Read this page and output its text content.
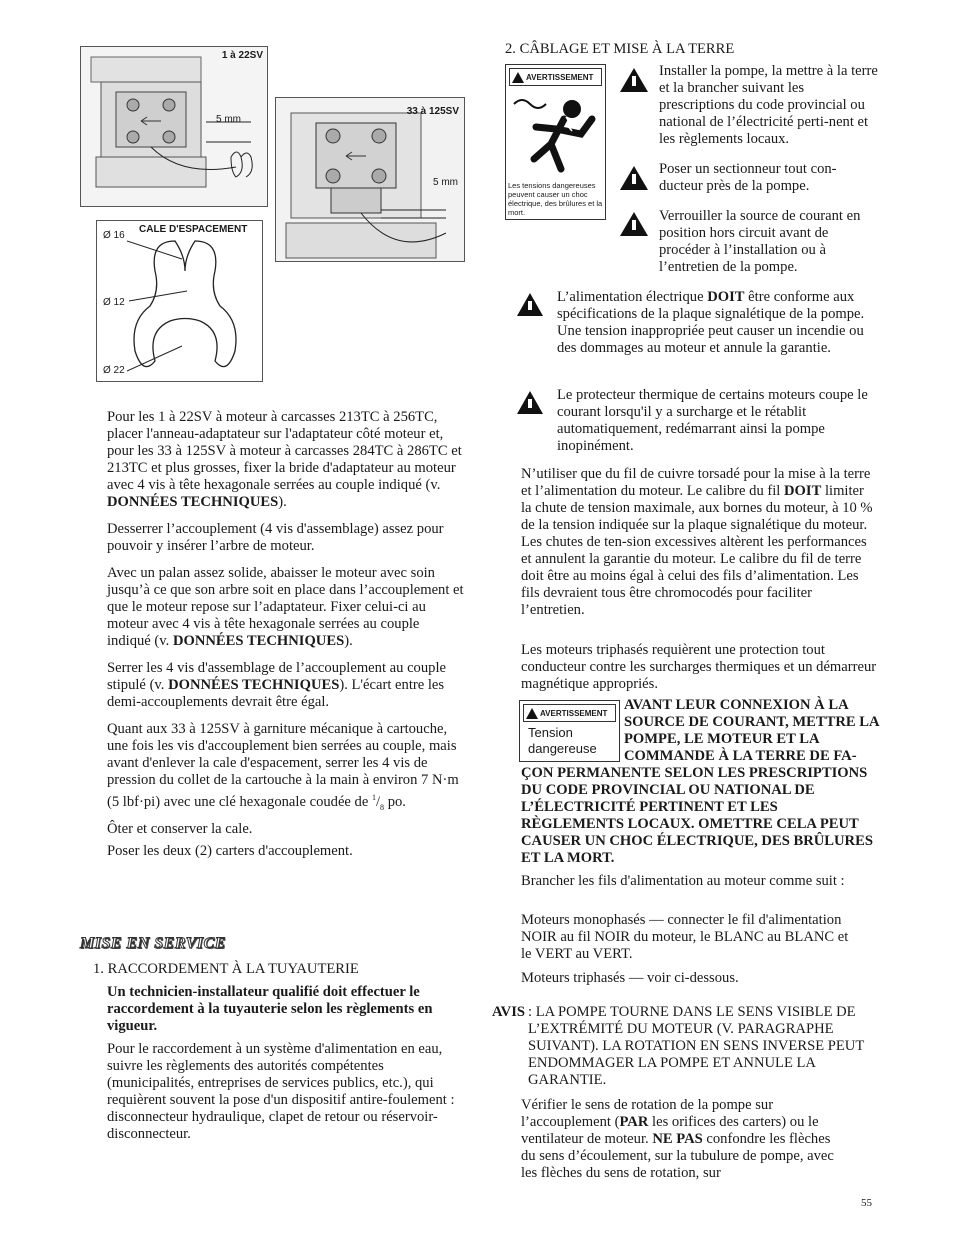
1 à 22SV
5 mm
33 à 125SV
5 mm
CALE D'ESPACEMENT
Ø 16
Ø 12
Ø 22

Pour les 1 à 22SV à moteur à carcasses 213TC à 256TC, placer l'anneau-adaptateur sur l'adaptateur côté moteur et, pour les 33 à 125SV à moteur à carcasses 284TC à 286TC et 213TC et plus grosses, fixer la bride d'adaptateur au moteur avec 4 vis à tête hexagonale serrées au couple indiqué (v. DONNÉES TECHNIQUES).

Desserrer l’accouplement (4 vis d'assemblage) assez pour pouvoir y insérer l’arbre de moteur.

Avec un palan assez solide, abaisser le moteur avec soin jusqu’à ce que son arbre soit en place dans l’accouplement et que le moteur repose sur l’adaptateur. Fixer celui-ci au moteur avec 4 vis à tête hexagonale serrées au couple indiqué (v. DONNÉES TECHNIQUES).

Serrer les 4 vis d'assemblage de l’accouplement au couple stipulé (v. DONNÉES TECHNIQUES). L'écart entre les demi-accouplements devrait être égal.

Quant aux 33 à 125SV à garniture mécanique à cartouche, une fois les vis d'accouplement bien serrées au couple, mais avant d'enlever la cale d'espacement, serrer les 4 vis de pression du collet de la cartouche à la main à environ 7 N·m (5 lbf·pi) avec une clé hexagonale coudée de $^1/_8$ po.

Ôter et conserver la cale.

Poser les deux (2) carters d'accouplement.

MISE EN SERVICE

1. RACCORDEMENT À LA TUYAUTERIE

Un technicien-installateur qualifié doit effectuer le raccordement à la tuyauterie selon les règlements en vigueur.

Pour le raccordement à un système d'alimentation en eau, suivre les règlements des autorités compétentes (municipalités, entreprises de services publics, etc.), qui requièrent souvent la pose d'un dispositif antire-foulement : disconnecteur hydraulique, clapet de retour ou réservoir-disconnecteur.

2. CÂBLAGE ET MISE À LA TERRE
AVERTISSEMENT
Les tensions dangereuses peuvent causer un choc électrique, des brûlures et la mort.

Installer la pompe, la mettre à la terre et la brancher suivant les prescriptions du code provincial ou national de l’électricité perti-nent et les règlements locaux.

Poser un sectionneur tout con-ducteur près de la pompe.

Verrouiller la source de courant en position hors circuit avant de procéder à l’installation ou à l’entretien de la pompe.

L’alimentation électrique DOIT être conforme aux spécifications de la plaque signalétique de la pompe. Une tension inappropriée peut causer un incendie ou des dommages au moteur et annule la garantie.

Le protecteur thermique de certains moteurs coupe le courant lorsqu'il y a surcharge et le rétablit automatiquement, redémarrant ainsi la pompe inopinément.

N’utiliser que du fil de cuivre torsadé pour la mise à la terre et l’alimentation du moteur. Le calibre du fil DOIT limiter la chute de tension maximale, aux bornes du moteur, à 10 % de la tension indiquée sur la plaque signalétique du moteur. Les chutes de ten-sion excessives altèrent les performances et annulent la garantie du moteur. Le calibre du fil de terre doit être au moins égal à celui des fils d’alimentation. Les fils devraient tous être chromocodés pour faciliter l’entretien.

Les moteurs triphasés requièrent une protection tout conducteur contre les surcharges thermiques et un démarreur magnétique appropriés.

AVERTISSEMENT
Tension
dangereuse
AVANT LEUR CONNEXION À LA SOURCE DE COURANT, METTRE LA POMPE, LE MOTEUR ET LA COMMANDE À LA TERRE DE FA-ÇON PERMANENTE SELON LES PRESCRIPTIONS DU CODE PROVINCIAL OU NATIONAL DE L’ÉLECTRICITÉ PERTINENT ET LES RÈGLEMENTS LOCAUX. OMETTRE CELA PEUT CAUSER UN CHOC ÉLECTRIQUE, DES BRÛLURES ET LA MORT.

Brancher les fils d'alimentation au moteur comme suit :

Moteurs monophasés — connecter le fil d'alimentation NOIR au fil NOIR du moteur, le BLANC au BLANC et le VERT au VERT.

Moteurs triphasés — voir ci-dessous.

AVIS : LA POMPE TOURNE DANS LE SENS VISIBLE DE L’EXTRÉMITÉ DU MOTEUR (V. PARAGRAPHE SUIVANT). LA ROTATION EN SENS INVERSE PEUT ENDOMMAGER LA POMPE ET ANNULE LA GARANTIE.

Vérifier le sens de rotation de la pompe sur l’accouplement (PAR les orifices des carters) ou le ventilateur de moteur. NE PAS confondre les flèches du sens d’écoulement, sur la tubulure de pompe, avec les flèches du sens de rotation, sur

55
